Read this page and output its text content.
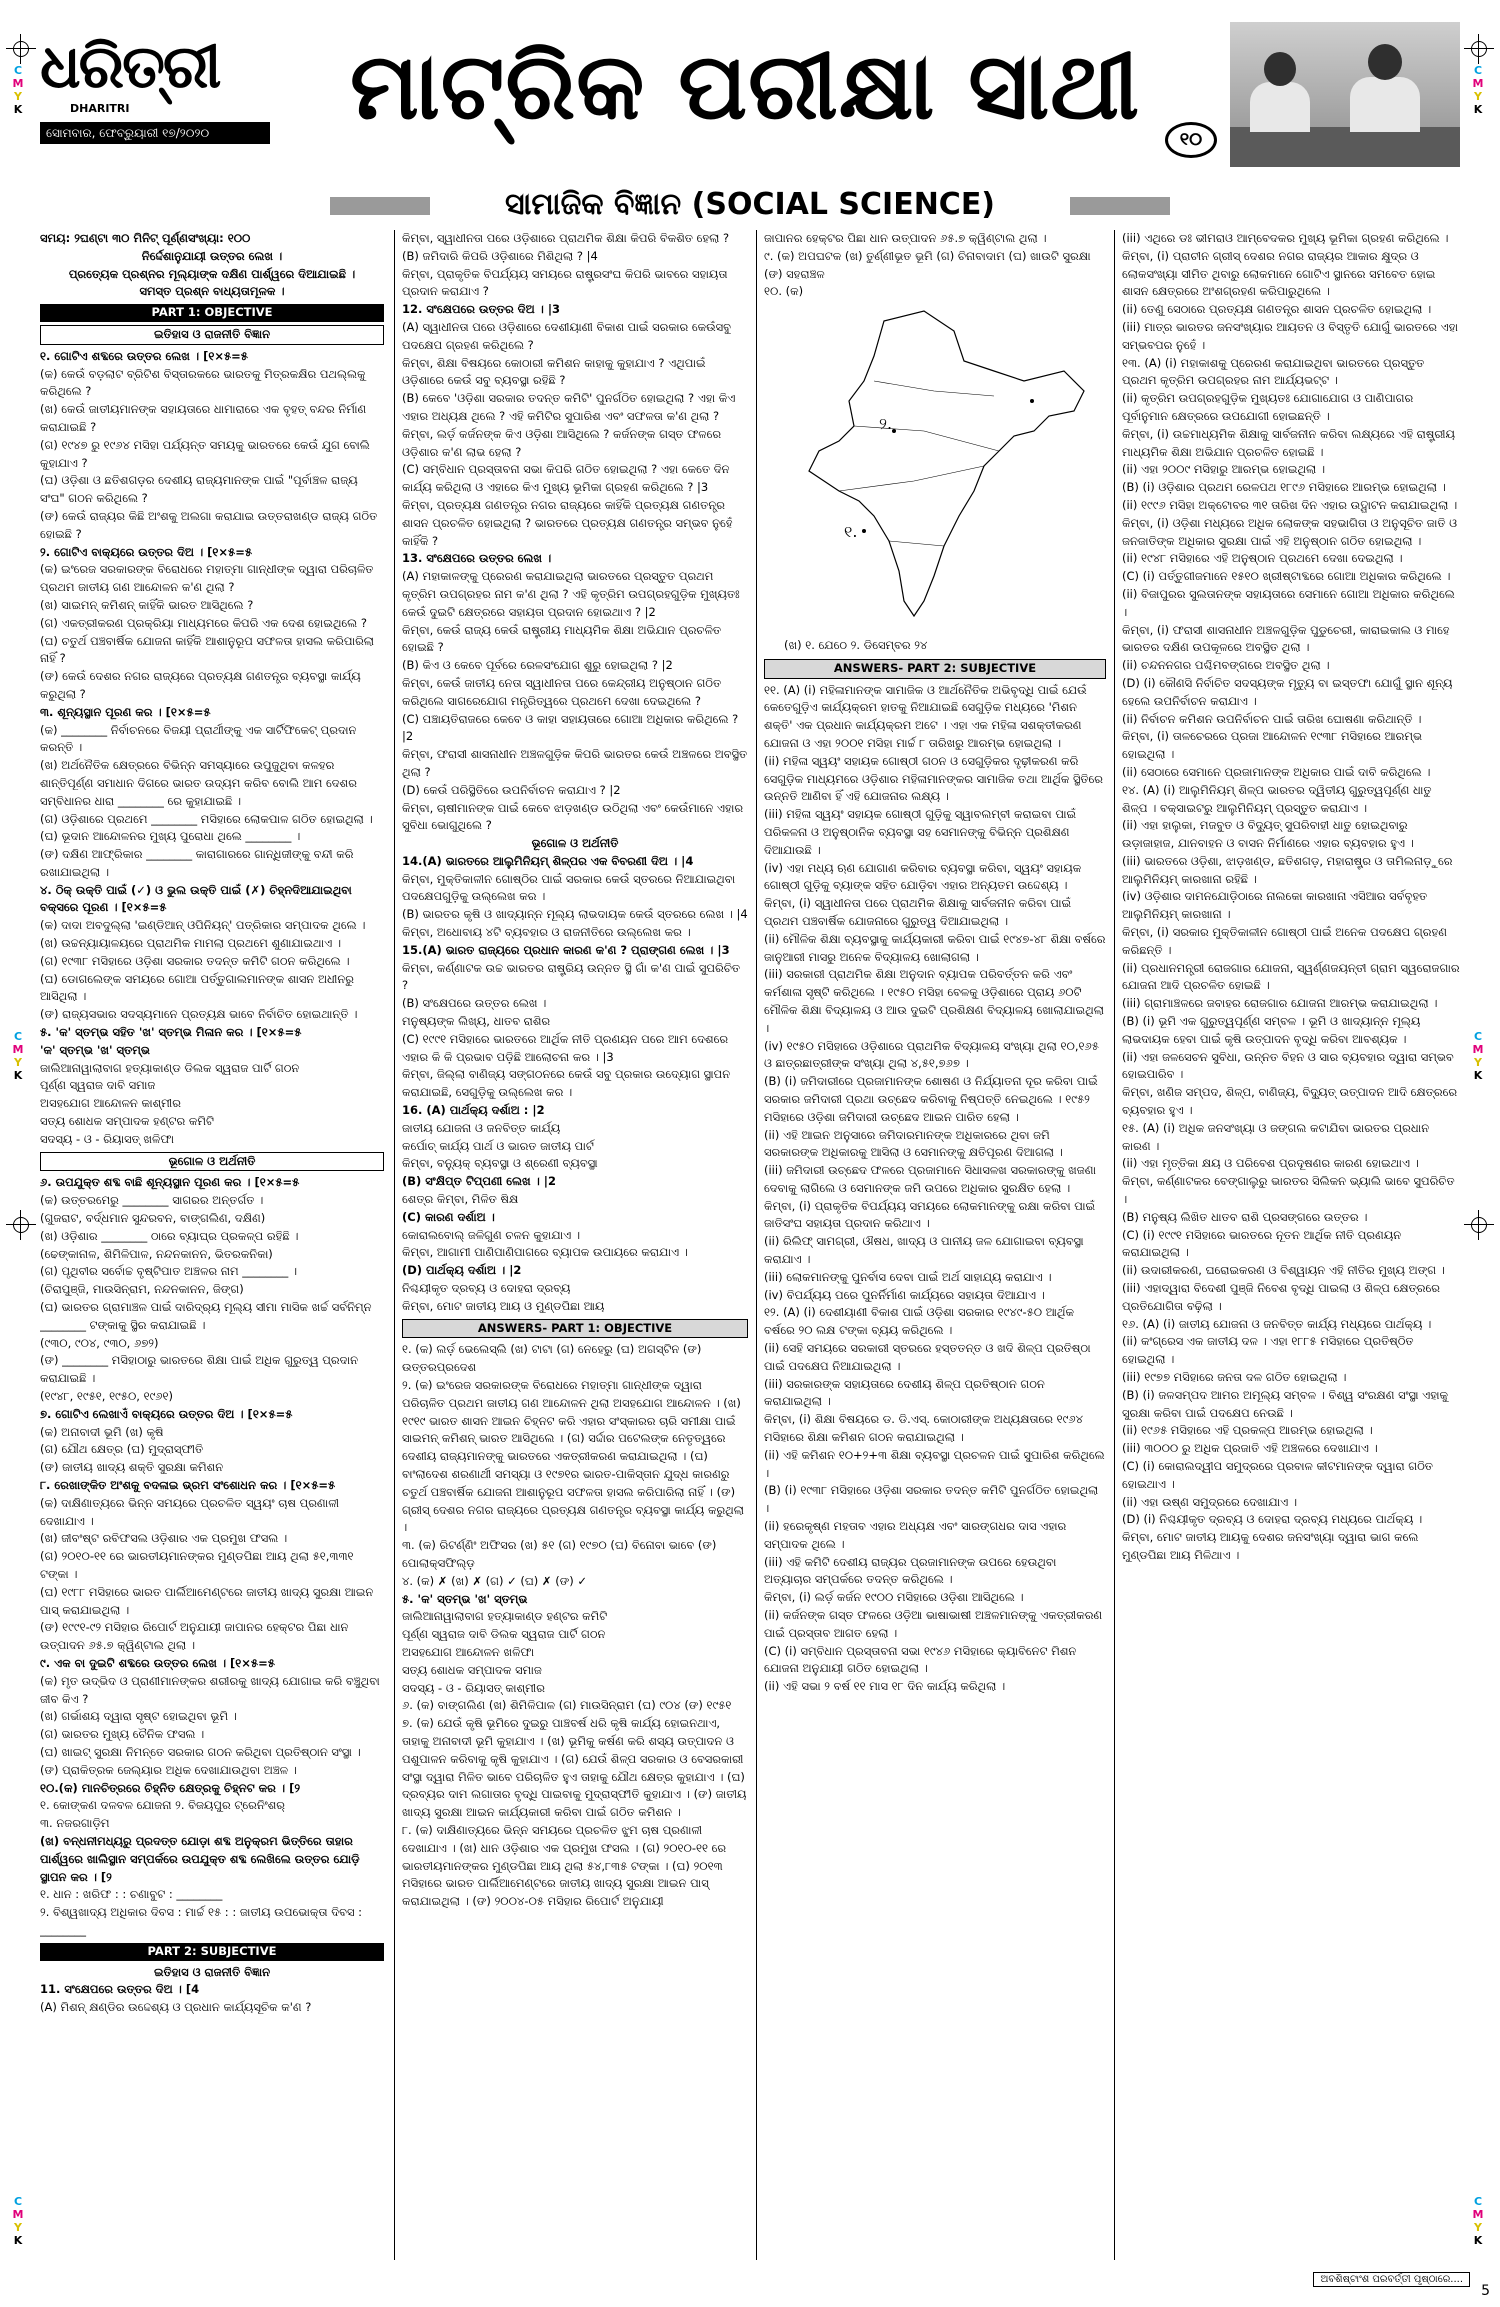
C
M
Y
K
C
M
Y
K
C
M
Y
K
C
M
Y
K
C
M
Y
K
C
M
Y
K
ଧରିତ୍ରୀ
DHARITRI
ସୋମବାର, ଫେବ୍ରୁୟାରୀ ୧୭/୨୦୨୦	ମାଟ୍ରିକ ପରୀକ୍ଷା ସାଥୀ	୧୦
ସାମାଜିକ ବିଜ୍ଞାନ (SOCIAL SCIENCE)

ସମୟ: ୨ଘଣ୍ଟା ୩୦ ମିନିଟ୍ ପୂର୍ଣ୍ଣସଂଖ୍ୟା: ୧୦୦

ନିର୍ଦ୍ଦେଶାନୁଯାୟୀ ଉତ୍ତର ଲେଖ ।

ପ୍ରତ୍ୟେକ ପ୍ରଶ୍ନର ମୂଲ୍ୟାଙ୍କ ଦକ୍ଷିଣ ପାର୍ଶ୍ୱରେ ଦିଆଯାଇଛି ।

ସମସ୍ତ ପ୍ରଶ୍ନ ବାଧ୍ୟତାମୂଳକ ।

PART 1: OBJECTIVE

ଇତିହାସ ଓ ରାଜନୀତି ବିଜ୍ଞାନ

୧. ଗୋଟିଏ ଶବ୍ଦରେ ଉତ୍ତର ଲେଖ । [୧×୫=୫

(କ) କେଉଁ ବଡ଼ଲାଟ ବ୍ରିଟିଶ ବିସ୍ତାରକରେ ଭାରତକୁ ମିତ୍ରକକ୍ଷିର ପଥଲ୍ଲକୁ କରିଥିଲେ ?

(ଖ) କେଉଁ ଜାତୀୟମାନଙ୍କ ସହାୟତାରେ ଧାମାରାରେ ଏକ ବୃହତ୍ ବନ୍ଦର ନିର୍ମାଣ କରାଯାଇଛି ?

(ଗ) ୧୯୪୭ ରୁ ୧୯୬୪ ମସିହା ପର୍ଯ୍ୟନ୍ତ ସମୟକୁ ଭାରତରେ କେଉଁ ଯୁଗ ବୋଲି କୁହାଯାଏ ?

(ଘ) ଓଡ଼ିଶା ଓ ଛତିଶଗଡ଼ର ଦେଶୀୟ ରାଜ୍ୟମାନଙ୍କ ପାଇଁ "ପୂର୍ବାଞ୍ଚଳ ରାଜ୍ୟ ସଂଘ" ଗଠନ କରିଥିଲେ ?

(ଙ) କେଉଁ ରାଜ୍ୟର କିଛି ଅଂଶକୁ ଅଲଗା କରାଯାଇ ଉତ୍ତରାଖଣ୍ଡ ରାଜ୍ୟ ଗଠିତ ହୋଇଛି ?

୨. ଗୋଟିଏ ବାକ୍ୟରେ ଉତ୍ତର ଦିଅ । [୧×୫=୫

(କ) ଇଂରେଜ ସରକାରଙ୍କ ବିରୋଧରେ ମହାତ୍ମା ଗାନ୍ଧୀଙ୍କ ଦ୍ୱାରା ପରିଚାଳିତ ପ୍ରଥମ ଜାତୀୟ ଗଣ ଆନ୍ଦୋଳନ କ'ଣ ଥିଲା ?

(ଖ) ସାଇମନ୍ କମିଶନ୍ କାହିଁକି ଭାରତ ଆସିଥିଲେ ?

(ଗ) ଏକତ୍ରୀକରଣ ପ୍ରକ୍ରିୟା ମାଧ୍ୟମରେ କିପରି ଏକ ଦେଶ ହୋଇଥିଲେ ?

(ଘ) ଚତୁର୍ଥ ପଞ୍ଚବାର୍ଷିକ ଯୋଜନା କାହିଁକି ଆଶାନୁରୂପ ସଫଳତା ହାସଲ କରିପାରିଲା ନାହିଁ ?

(ଙ) କେଉଁ ଦେଶର ନଗର ରାଜ୍ୟରେ ପ୍ରତ୍ୟକ୍ଷ ଗଣତନ୍ତ୍ର ବ୍ୟବସ୍ଥା କାର୍ଯ୍ୟ କରୁଥିଲା ?

୩. ଶୂନ୍ୟସ୍ଥାନ ପୂରଣ କର । [୧×୫=୫

(କ) ________ ନିର୍ବାଚନରେ ବିଜୟୀ ପ୍ରାର୍ଥୀଙ୍କୁ ଏକ ସାର୍ଟିଫିକେଟ୍ ପ୍ରଦାନ କରନ୍ତି ।

(ଖ) ଅର୍ଥନୈତିକ କ୍ଷେତ୍ରରେ ବିଭିନ୍ନ ସମସ୍ୟାରେ ଉପୁଜୁଥିବା କଳହର ଶାନ୍ତିପୂର୍ଣ୍ଣ ସମାଧାନ ଦିଗରେ ଭାରତ ଉଦ୍ୟମ କରିବ ବୋଲି ଆମ ଦେଶର ସମ୍ବିଧାନର ଧାରା ________ ରେ କୁହାଯାଇଛି ।

(ଗ) ଓଡ଼ିଶାରେ ପ୍ରଥମେ ________ ମସିହାରେ ଲୋକପାଳ ଗଠିତ ହୋଇଥିଲା ।

(ଘ) ଭୂଦାନ ଆନ୍ଦୋଳନର ମୁଖ୍ୟ ପୁରୋଧା ଥିଲେ ________ ।

(ଙ) ଦକ୍ଷିଣ ଆଫ୍ରିକାର ________ କାରାଗାରରେ ଗାନ୍ଧିଜୀଙ୍କୁ ବନ୍ଦୀ କରି ରଖାଯାଇଥିଲା ।

୪. ଠିକ୍ ଉକ୍ତି ପାଇଁ (✓) ଓ ଭୁଲ ଉକ୍ତି ପାଇଁ (✗) ଚିହ୍ନଦିଆଯାଇଥିବା ବକ୍ସରେ ପୂରଣ । [୧×୫=୫

(କ) ଦାଦା ଅବଦୁଲ୍ଲା 'ଇଣ୍ଡିଆନ୍ ଓପିନିୟନ୍' ପତ୍ରିକାର ସମ୍ପାଦକ ଥିଲେ ।

(ଖ) ଉଚ୍ଚନ୍ୟାୟାଳୟରେ ପ୍ରାଥମିକ ମାମଲା ପ୍ରଥମେ ଶୁଣାଯାଇଥାଏ ।

(ଗ) ୧୯୩୮ ମସିହାରେ ଓଡ଼ିଶା ସରକାର ତଦନ୍ତ କମିଟି ଗଠନ କରିଥିଲେ ।

(ଘ) ଡୋଗଲେଙ୍କ ସମୟରେ ଗୋଆ ପର୍ତ୍ତୁଗାଲମାନଙ୍କ ଶାସନ ଅଧୀନରୁ ଆସିଥିଲା ।

(ଙ) ରାଜ୍ୟସଭାର ସଦସ୍ୟମାନେ ପ୍ରତ୍ୟକ୍ଷ ଭାବେ ନିର୍ବାଚିତ ହୋଇଥାନ୍ତି ।

୫. 'କ' ସ୍ତମ୍ଭ ସହିତ 'ଖ' ସ୍ତମ୍ଭ ମିଳାନ କର । [୧×୫=୫

'କ' ସ୍ତମ୍ଭ 'ଖ' ସ୍ତମ୍ଭ

ଜାଲିଆନାୱାଲାବାଗ ହତ୍ୟାକାଣ୍ଡ ଡିଲକ ସ୍ୱରାଜ ପାର୍ଟି ଗଠନ

ପୂର୍ଣ୍ଣ ସ୍ୱରାଜ ଦାବି ସମାଜ

ଅସହଯୋଗ ଆନ୍ଦୋଳନ କାଶ୍ମୀର

ସତ୍ୟ ଶୋଧକ ସମ୍ପାଦକ ହଣ୍ଟର କମିଟି

ସଦସ୍ୟ - ଓ - ରିୟାସତ୍ ଖଳିଫା

ଭୂଗୋଳ ଓ ଅର୍ଥନୀତି

୬. ଉପଯୁକ୍ତ ଶବ୍ଦ ବାଛି ଶୂନ୍ୟସ୍ଥାନ ପୂରଣ କର । [୧×୫=୫

(କ) ଉତ୍ତରମେରୁ ________ ସାଗରର ଅନ୍ତର୍ଗତ ।

(ଗୁଜରାଟ, ବର୍ଦ୍ଧମାନ ସୁନ୍ଦରବନ, ବାଙ୍ଗଲିଣ, ଦକ୍ଷିଣ)

(ଖ) ଓଡ଼ିଶାର ________ ଠାରେ ବ୍ୟାଘ୍ର ପ୍ରକଳ୍ପ ରହିଛି ।

(ଢେଙ୍କାନାଳ, ଶିମିଳିପାଳ, ନନ୍ଦନକାନନ, ଭିତରକନିକା)

(ଗ) ପୃଥିବୀର ସର୍ବୋଚ୍ଚ ବୃଷ୍ଟିପାତ ଅଞ୍ଚଳର ନାମ ________ ।

(ଚିରାପୁଞ୍ଜି, ମାଉସିନ୍ରାମ, ନନ୍ଦନକାନନ, ଜିଙ୍ଗ)

(ଘ) ଭାରତର ଗ୍ରାମାଞ୍ଚଳ ପାଇଁ ଦାରିଦ୍ର୍ୟ ମୂଲ୍ୟ ସୀମା ମାସିକ ଖର୍ଚ୍ଚ ସର୍ବନିମ୍ନ ________ ଟଙ୍କାକୁ ସ୍ଥିର କରାଯାଇଛି ।

(୯୩୦, ୯୦୪, ୯୩୦, ୬୭୨)

(ଙ) ________ ମସିହାଠାରୁ ଭାରତରେ ଶିକ୍ଷା ପାଇଁ ଅଧିକ ଗୁରୁତ୍ୱ ପ୍ରଦାନ କରାଯାଇଛି ।

(୧୯୪୮, ୧୯୫୧, ୧୯୫୦, ୧୯୬୧)

୭. ଗୋଟିଏ ଲେଖାଏଁ ବାକ୍ୟରେ ଉତ୍ତର ଦିଅ । [୧×୫=୫

(କ) ଅନାବାଦୀ ଭୂମି (ଖ) କୃଷି

(ଗ) ଯୌଥ କ୍ଷେତ୍ର (ଘ) ମୁଦ୍ରାସ୍ଫୀତି

(ଙ) ଜାତୀୟ ଖାଦ୍ୟ ଶକ୍ତି ସୁରକ୍ଷା କମିଶନ

୮. ରେଖାଙ୍କିତ ଅଂଶକୁ ବଦଳାଇ ଭ୍ରମ ସଂଶୋଧନ କର । [୧×୫=୫

(କ) ଦାକ୍ଷିଣାତ୍ୟରେ ଭିନ୍ନ ସମୟରେ ପ୍ରଚଳିତ ସ୍ୱୟଂ ଚାଷ ପ୍ରଣାଳୀ ଦେଖାଯାଏ ।

(ଖ) ଜୀବଂଷ୍ଟ ରବିଫସଲ ଓଡ଼ିଶାର ଏକ ପ୍ରମୁଖ ଫସଲ ।

(ଗ) ୨୦୧୦-୧୧ ରେ ଭାରତୀୟମାନଙ୍କର ମୁଣ୍ଡପିଛା ଆୟ ଥିଲା ୫୧,୩୩୧ ଟଙ୍କା ।

(ଘ) ୧୯୮୮ ମସିହାରେ ଭାରତ ପାର୍ଲିଆମେଣ୍ଟରେ ଜାତୀୟ ଖାଦ୍ୟ ସୁରକ୍ଷା ଆଇନ ପାସ୍ କରାଯାଇଥିଲା ।

(ଙ) ୧୯୯୧-୯୨ ମସିହାର ରିପୋର୍ଟ ଅନୁଯାୟୀ ଜାପାନର ହେକ୍ଟର ପିଛା ଧାନ ଉତ୍ପାଦନ ୬୫.୭ କ୍ୱିଣ୍ଟାଲ ଥିଲା ।

୯. ଏକ ବା ଦୁଇଟି ଶବ୍ଦରେ ଉତ୍ତର ଲେଖ । [୧×୫=୫

(କ) ମୃତ ଉଦ୍ଭିଦ ଓ ପ୍ରାଣୀମାନଙ୍କର ଶରୀରକୁ ଖାଦ୍ୟ ଯୋଗାଇ କରି ବଞ୍ଚୁଥିବା ଜୀବ କିଏ ?

(ଖ) ଗର୍ଭାଶୟ ଦ୍ୱାରା ସୃଷ୍ଟ ହୋଇଥିବା ଭୂମି ।

(ଗ) ଭାରତର ମୁଖ୍ୟ ଚୈନିକ ଫସଲ ।

(ଘ) ଖାଇଟ୍ ସୁରକ୍ଷା ନିମନ୍ତେ ସରକାର ଗଠନ କରିଥିବା ପ୍ରତିଷ୍ଠାନ ସଂସ୍ଥା ।

(ଙ) ପ୍ରାକିତ୍ରକ ଜେଲ୍ୟାର ଅଧିକ ଦେଖାଯାଉଥିବା ଅଞ୍ଚଳ ।

୧୦.(କ) ମାନଚିତ୍ରରେ ଚିହ୍ନିତ କ୍ଷେତ୍ରକୁ ଚିହ୍ନଟ କର । [୨

୧. କୋଙ୍କଣ ଦଳବଳ ଯୋଜନା ୨. ବିଜୟପୁର ଟ୍ରେନିଂଶର୍

୩. ନଜରଗାଡ଼ିମ

(ଖ) ବନ୍ଧନୀମଧ୍ୟରୁ ପ୍ରଦତ୍ତ ଯୋଡ଼ା ଶବ୍ଦ ଅନୁକ୍ରମ ଭିତ୍ତିରେ ତାହାର ପାର୍ଶ୍ୱରେ ଖାଲିସ୍ଥାନ ସମ୍ପର୍କରେ ଉପଯୁକ୍ତ ଶବ୍ଦ ଲେଖିଲେ ଉତ୍ତର ଯୋଡ଼ି ସ୍ଥାପନ କର । [୨

୧. ଧାନ : ଖରିଫ : : ଚଣାବୁଟ : ________

୨. ବିଶ୍ୱଖାଦ୍ୟ ଅଧିକାର ଦିବସ : ମାର୍ଚ୍ଚ ୧୫ : : ଜାତୀୟ ଉପଭୋକ୍ତା ଦିବସ : ________

PART 2: SUBJECTIVE

ଇତିହାସ ଓ ରାଜନୀତି ବିଜ୍ଞାନ

11. ସଂକ୍ଷେପରେ ଉତ୍ତର ଦିଅ । [4

(A) ମିଶନ୍ କ୍ଷଣ୍ଡିର ଉଦ୍ଦେଶ୍ୟ ଓ ପ୍ରଧାନ କାର୍ଯ୍ୟସୂଚିକ କ'ଣ ?

କିମ୍ବା, ସ୍ୱାଧୀନତା ପରେ ଓଡ଼ିଶାରେ ପ୍ରାଥମିକ ଶିକ୍ଷା କିପରି ବିକଶିତ ହେଲା ?

(B) ଜମିଦାରି କିପରି ଓଡ଼ିଶାରେ ମିଶିଥିଲା ? |4

କିମ୍ବା, ପ୍ରାକୃତିକ ବିପର୍ଯ୍ୟୟ ସମୟରେ ରାଷ୍ଟ୍ରସଂଘ କିପରି ଭାବରେ ସହାୟତା ପ୍ରଦାନ କରାଯାଏ ?

12. ସଂକ୍ଷେପରେ ଉତ୍ତର ଦିଅ । |3

(A) ସ୍ୱାଧୀନତା ପରେ ଓଡ଼ିଶାରେ ଦେଶୀୟାଣୀ ବିକାଶ ପାଇଁ ସରକାର କେଉଁସବୁ ପଦକ୍ଷେପ ଗ୍ରହଣ କରିଥିଲେ ?

କିମ୍ବା, ଶିକ୍ଷା ବିଷୟରେ କୋଠାରୀ କମିଶନ କାହାକୁ କୁହାଯାଏ ? ଏଥିପାଇଁ ଓଡ଼ିଶାରେ କେଉଁ ସବୁ ବ୍ୟବସ୍ଥା ରହିଛି ?

(B) କେବେ 'ଓଡ଼ିଶା ସରକାର ତଦନ୍ତ କମିଟି' ପୁନର୍ଗଠିତ ହୋଇଥିଲା ? ଏହା କିଏ ଏହାର ଅଧ୍ୟକ୍ଷ ଥିଲେ ? ଏହି କମିଟିର ସୁପାରିଶ ଏବଂ ସଫଳତା କ'ଣ ଥିଲା ?

କିମ୍ବା, ଲର୍ଡ଼ କର୍ଜନଙ୍କ କିଏ ଓଡ଼ିଶା ଆସିଥିଲେ ? କର୍ଜନଙ୍କ ଗସ୍ତ ଫଳରେ ଓଡ଼ିଶାର କ'ଣ ଲାଭ ହେଲା ?

(C) ସମ୍ବିଧାନ ପ୍ରସ୍ତାବନା ସଭା କିପରି ଗଠିତ ହୋଇଥିଲା ? ଏହା କେତେ ଦିନ କାର୍ଯ୍ୟ କରିଥିଲା ଓ ଏହାରେ କିଏ ମୁଖ୍ୟ ଭୂମିକା ଗ୍ରହଣ କରିଥିଲେ ? |3

କିମ୍ବା, ପ୍ରତ୍ୟକ୍ଷ ଗଣତନ୍ତ୍ର ନଗର ରାଜ୍ୟରେ କାହିଁକି ପ୍ରତ୍ୟକ୍ଷ ଗଣତନ୍ତ୍ର ଶାସନ ପ୍ରଚଳିତ ହୋଇଥିଲା ? ଭାରତରେ ପ୍ରତ୍ୟକ୍ଷ ଗଣତନ୍ତ୍ର ସମ୍ଭବ ନୁହେଁ କାହିଁକି ?

13. ସଂକ୍ଷେପରେ ଉତ୍ତର ଲେଖ ।

(A) ମହାକାଳଙ୍କୁ ପ୍ରେରଣ କରାଯାଇଥିଲା ଭାରତରେ ପ୍ରସ୍ତୁତ ପ୍ରଥମ କୃତ୍ରିମ ଉପଗ୍ରହର ନାମ କ'ଣ ଥିଲା ? ଏହି କୃତ୍ରିମ ଉପଗ୍ରହଗୁଡ଼ିକ ମୁଖ୍ୟତଃ କେଉଁ ଦୁଇଟି କ୍ଷେତ୍ରରେ ସହାୟତା ପ୍ରଦାନ ହୋଇଥାଏ ? |2

କିମ୍ବା, କେଉଁ ରାଜ୍ୟ କେଉଁ ରାଷ୍ଟ୍ରୀୟ ମାଧ୍ୟମିକ ଶିକ୍ଷା ଅଭିଯାନ ପ୍ରଚଳିତ ହୋଇଛି ?

(B) କିଏ ଓ କେବେ ପୂର୍ବରେ ରେଳସଂଯୋଗ ଶୁରୁ ହୋଇଥିଲା ? |2

କିମ୍ବା, କେଉଁ ଜାତୀୟ ନେତା ସ୍ୱାଧୀନତା ପରେ କେନ୍ଦ୍ରୀୟ ଅନୁଷ୍ଠାନ ଗଠିତ କରିଥିଲେ ସାଗରେଯୋଗ ମନ୍ତ୍ରିତ୍ୱରେ ପ୍ରଥମେ ଦେଖା ଦେଇଥିଲେ ?

(C) ପଞ୍ଚାୟତିରାଜରେ କେବେ ଓ କାହା ସହାୟତାରେ ଗୋଆ ଅଧିକାର କରିଥିଲେ ? |2

କିମ୍ବା, ଫରାସୀ ଶାସନାଧୀନ ଅଞ୍ଚଳଗୁଡ଼ିକ କିପରି ଭାରତର କେଉଁ ଅଞ୍ଚଳରେ ଅବସ୍ଥିତ ଥିଲା ?

(D) କେଉଁ ପରିସ୍ଥିତିରେ ଉପନିର୍ବାଚନ କରାଯାଏ ? |2

କିମ୍ବା, ଚାଷୀମାନଙ୍କ ପାଇଁ କେବେ ଝାଡ଼ଖଣ୍ଡ ଉଠିଥିଲା ଏବଂ କେଉଁମାନେ ଏହାର ସୁବିଧା ଭୋଗୁଥିଲେ ?

ଭୂଗୋଳ ଓ ଅର୍ଥନୀତି

14.(A) ଭାରତରେ ଆଲୁମିନିୟମ୍ ଶିଳ୍ପର ଏକ ବିବରଣୀ ଦିଅ । |4

କିମ୍ବା, ମୁକ୍ତିକାଳୀନ ଗୋଷ୍ଠିର ପାଇଁ ସରକାର କେଉଁ ସ୍ତରରେ ନିଆଯାଇଥିବା ପଦକ୍ଷେପଗୁଡ଼ିକୁ ଉଲ୍ଲେଖ କର ।

(B) ଭାରତର କୃଷି ଓ ଖାଦ୍ୟାନ୍ନ ମୂଲ୍ୟ ଲାଭଦାୟକ କେଉଁ ସ୍ତରରେ ଲେଖ । |4

କିମ୍ବା, ଅଧୋବାୟ ୪ଟି ବ୍ୟବହାର ଓ ରାଜନୀତିରେ ଉଲ୍ଲେଖ କର ।

15.(A) ଭାରତ ରାଜ୍ୟରେ ପ୍ରଧାନ କାରଣ କ'ଣ ? ପ୍ରାଙ୍ଗଣ ଲେଖ । |3

କିମ୍ବା, କର୍ଣ୍ଣାଟକ ଉଚ୍ଚ ଭାରତର ରାଷ୍ଟ୍ରିୟ ଉନ୍ନତ ସ୍ଥି ଗାଁ କ'ଣ ପାଇଁ ସୁପରିଚିତ ?

(B) ସଂକ୍ଷେପରେ ଉତ୍ତର ଲେଖ ।

ମନୁଷ୍ୟଙ୍କ ଲିଖ୍ୟ, ଧାତବ ରାଶିର

(C) ୧୯୯୧ ମସିହାରେ ଭାରତରେ ଆର୍ଥିକ ନୀତି ପ୍ରଣୟନ ପରେ ଆମ ଦେଶରେ ଏହାର କି କି ପ୍ରଭାବ ପଡ଼ିଛି ଆଲୋଚନା କର । |3

କିମ୍ବା, ଜିଲ୍ଲା ବାଣିଜ୍ୟ ସଙ୍ଗଠନରେ କେଉଁ ସବୁ ପ୍ରକାର ଉଦ୍ୟୋଗ ସ୍ଥାପନ କରାଯାଇଛି, ସେଗୁଡ଼ିକୁ ଉଲ୍ଲେଖ କର ।

16. (A) ପାର୍ଥକ୍ୟ ଦର୍ଶାଅ : |2

ଜାତୀୟ ଯୋଜନା ଓ ଜନବିତ୍ତ କାର୍ଯ୍ୟ

କର୍ପୋଚ୍ କାର୍ଯ୍ୟ ପାର୍ଥ ଓ ଭାରତ ଜାତୀୟ ପାର୍ଟ

କିମ୍ବା, ବନ୍ୟୁକ୍ ବ୍ୟବସ୍ଥା ଓ ଶ୍ରେଣୀ ବ୍ୟବସ୍ଥା

(B) ସଂକ୍ଷିପ୍ତ ଟିପ୍ପଣୀ ଲେଖ । |2

ଶେତ୍ର କିମ୍ବା, ମିଳିତ ଷିକ୍ଷ

(C) କାରଣ ଦର୍ଶାଅ ।

କୋରାଲବୋଲ୍ ଜଳିଗୁଣ ଚଳନ କୁହାଯାଏ ।

କିମ୍ବା, ଆଗାମୀ ପାଣିପାଣିପାଗରେ ବ୍ୟାପକ ଉପାୟରେ କରାଯାଏ ।

(D) ପାର୍ଥକ୍ୟ ଦର୍ଶାଅ । |2

ନିଶ୍ଚୟୀକୃତ ଦ୍ରବ୍ୟ ଓ ଦୋହରା ଦ୍ରବ୍ୟ

କିମ୍ବା, ମୋଟ ଜାତୀୟ ଆୟ ଓ ମୁଣ୍ଡପିଛା ଆୟ

ANSWERS- PART 1: OBJECTIVE

୧. (କ) ଲର୍ଡ଼ ଭେଲେସ୍ଲି (ଖ) ଟାଟା (ଗ) ନେହେରୁ (ଘ) ଅଗସ୍ଟିନ (ଙ) ଉତ୍ତରପ୍ରଦେଶ

୨. (କ) ଇଂରେଜ ସରକାରଙ୍କ ବିରୋଧରେ ମହାତ୍ମା ଗାନ୍ଧୀଙ୍କ ଦ୍ୱାରା ପରିଚାଳିତ ପ୍ରଥମ ଜାତୀୟ ଗଣ ଆନ୍ଦୋଳନ ଥିଲା ଅସହଯୋଗ ଆନ୍ଦୋଳନ । (ଖ) ୧୯୧୯ ଭାରତ ଶାସନ ଆଇନ ଚିହ୍ନଟ କରି ଏହାର ସଂସ୍କାରର ଚାରି ସମୀକ୍ଷା ପାଇଁ ସାଇମନ୍ କମିଶନ୍ ଭାରତ ଆସିଥିଲେ । (ଗ) ସର୍ଦ୍ଦାର ପଟେଲଙ୍କ ନେତୃତ୍ୱରେ ଦେଶୀୟ ରାଜ୍ୟମାନଙ୍କୁ ଭାରତରେ ଏକତ୍ରୀକରଣ କରାଯାଇଥିଲା । (ଘ) ବାଂଲାଦେଶ ଶରଣାର୍ଥୀ ସମସ୍ୟା ଓ ୧୯୭୧ର ଭାରତ-ପାକିସ୍ତାନ ଯୁଦ୍ଧ କାରଣରୁ ଚତୁର୍ଥ ପଞ୍ଚବାର୍ଷିକ ଯୋଜନା ଆଶାନୁରୂପ ସଫଳତା ହାସଲ କରିପାରିଲା ନାହିଁ । (ଙ) ଗ୍ରୀସ୍ ଦେଶର ନଗର ରାଜ୍ୟରେ ପ୍ରତ୍ୟକ୍ଷ ଗଣତନ୍ତ୍ର ବ୍ୟବସ୍ଥା କାର୍ଯ୍ୟ କରୁଥିଲା ।

୩. (କ) ରିଟର୍ଣ୍ଣିଂ ଅଫିସର (ଖ) ୫୧ (ଗ) ୧୯୭୦ (ଘ) ବିନୋବା ଭାବେ (ଙ) ପୋଲାକ୍ସଫିଲ୍ଡ଼

୪. (କ) ✗ (ଖ) ✗ (ଗ) ✓ (ଘ) ✗ (ଙ) ✓

୫. 'କ' ସ୍ତମ୍ଭ 'ଖ' ସ୍ତମ୍ଭ

ଜାଲିଆନାୱାଲାବାଗ ହତ୍ୟାକାଣ୍ଡ ହଣ୍ଟର କମିଟି

ପୂର୍ଣ୍ଣ ସ୍ୱରାଜ ଦାବି ଡିଲକ ସ୍ୱରାଜ ପାର୍ଟି ଗଠନ

ଅସହଯୋଗ ଆନ୍ଦୋଳନ ଖଳିଫା

ସତ୍ୟ ଶୋଧକ ସମ୍ପାଦକ ସମାଜ

ସଦସ୍ୟ - ଓ - ରିୟାସତ୍ କାଶ୍ମୀର

୬. (କ) ବାଙ୍ଗଲିଣ (ଖ) ଶିମିଳିପାଳ (ଗ) ମାଉସିନ୍ରାମ (ଘ) ୯୦୪ (ଙ) ୧୯୫୧

୭. (କ) ଯେଉଁ କୃଷି ଭୂମିରେ ଦୁଇରୁ ପାଞ୍ଚବର୍ଷ ଧରି କୃଷି କାର୍ଯ୍ୟ ହୋଇନଥାଏ, ତାହାକୁ ଅନାବାଦୀ ଭୂମି କୁହାଯାଏ । (ଖ) ଭୂମିକୁ କର୍ଷଣ କରି ଶସ୍ୟ ଉତ୍ପାଦନ ଓ ପଶୁପାଳନ କରିବାକୁ କୃଷି କୁହାଯାଏ । (ଗ) ଯେଉଁ ଶିଳ୍ପ ସରକାର ଓ ବେସରକାରୀ ସଂସ୍ଥା ଦ୍ୱାରା ମିଳିତ ଭାବେ ପରିଚାଳିତ ହୁଏ ତାହାକୁ ଯୌଥ କ୍ଷେତ୍ର କୁହାଯାଏ । (ଘ) ଦ୍ରବ୍ୟର ଦାମ ଲଗାତାର ବୃଦ୍ଧି ପାଇବାକୁ ମୁଦ୍ରାସ୍ଫୀତି କୁହାଯାଏ । (ଙ) ଜାତୀୟ ଖାଦ୍ୟ ସୁରକ୍ଷା ଆଇନ କାର୍ଯ୍ୟକାରୀ କରିବା ପାଇଁ ଗଠିତ କମିଶନ ।

୮. (କ) ଦାକ୍ଷିଣାତ୍ୟରେ ଭିନ୍ନ ସମୟରେ ପ୍ରଚଳିତ ଝୁମ ଚାଷ ପ୍ରଣାଳୀ ଦେଖାଯାଏ । (ଖ) ଧାନ ଓଡ଼ିଶାର ଏକ ପ୍ରମୁଖ ଫସଲ । (ଗ) ୨୦୧୦-୧୧ ରେ ଭାରତୀୟମାନଙ୍କର ମୁଣ୍ଡପିଛା ଆୟ ଥିଲା ୫୪,୮୩୫ ଟଙ୍କା । (ଘ) ୨୦୧୩ ମସିହାରେ ଭାରତ ପାର୍ଲିଆମେଣ୍ଟରେ ଜାତୀୟ ଖାଦ୍ୟ ସୁରକ୍ଷା ଆଇନ ପାସ୍ କରାଯାଇଥିଲା । (ଙ) ୨୦୦୪-୦୫ ମସିହାର ରିପୋର୍ଟ ଅନୁଯାୟୀ

ଜାପାନର ହେକ୍ଟର ପିଛା ଧାନ ଉତ୍ପାଦନ ୬୫.୭ କ୍ୱିଣ୍ଟାଲ ଥିଲା ।

୯. (କ) ଅପଘଟକ (ଖ) ତୁର୍ଣ୍ଣୀଭୂତ ଭୂମି (ଗ) ଚିନାବାଦାମ (ଘ) ଖାଉଟି ସୁରକ୍ଷା (ଙ) ସହରାଞ୍ଚଳ

୧୦. (କ)

୨.
୧.

(ଖ) ୧. ଯେଠେ ୨. ଡିସେମ୍ବର ୨୪

ANSWERS- PART 2: SUBJECTIVE

୧୧. (A) (i) ମହିଳାମାନଙ୍କ ସାମାଜିକ ଓ ଆର୍ଥନୈତିକ ଅଭିବୃଦ୍ଧି ପାଇଁ ଯେଉଁ କେତେଗୁଡ଼ିଏ କାର୍ଯ୍ୟକ୍ରମ ହାତକୁ ନିଆଯାଇଛି ସେଗୁଡ଼ିକ ମଧ୍ୟରେ 'ମିଶନ ଶକ୍ତି' ଏକ ପ୍ରଧାନ କାର୍ଯ୍ୟକ୍ରମ ଅଟେ । ଏହା ଏକ ମହିଳା ସଶକ୍ତୀକରଣ ଯୋଜନା ଓ ଏହା ୨୦୦୧ ମସିହା ମାର୍ଚ୍ଚ ୮ ତାରିଖରୁ ଆରମ୍ଭ ହୋଇଥିଲା ।

(ii) ମହିଳା ସ୍ୱୟଂ ସହାୟକ ଗୋଷ୍ଠୀ ଗଠନ ଓ ସେଗୁଡ଼ିକର ଦୃଢ଼ୀକରଣ କରି ସେଗୁଡ଼ିକ ମାଧ୍ୟମରେ ଓଡ଼ିଶାର ମହିଳାମାନଙ୍କର ସାମାଜିକ ତଥା ଆର୍ଥିକ ସ୍ଥିତିରେ ଉନ୍ନତି ଆଣିବା ହିଁ ଏହି ଯୋଜନାର ଲକ୍ଷ୍ୟ ।

(iii) ମହିଳା ସ୍ୱୟଂ ସହାୟକ ଗୋଷ୍ଠୀ ଗୁଡ଼ିକୁ ସ୍ୱାବଲମ୍ବୀ କରାଇବା ପାଇଁ ପରିକଳନା ଓ ଅନୁଷ୍ଠାନିକ ବ୍ୟବସ୍ଥା ସହ ସେମାନଙ୍କୁ ବିଭିନ୍ନ ପ୍ରଶିକ୍ଷଣ ଦିଆଯାଉଛି ।

(iv) ଏହା ମଧ୍ୟ ଋଣ ଯୋଗାଣ କରିବାର ବ୍ୟବସ୍ଥା କରିବା, ସ୍ୱୟଂ ସହାୟକ ଗୋଷ୍ଠୀ ଗୁଡ଼ିକୁ ବ୍ୟାଙ୍କ ସହିତ ଯୋଡ଼ିବା ଏହାର ଅନ୍ୟତମ ଉଦ୍ଦେଶ୍ୟ ।

କିମ୍ବା, (i) ସ୍ୱାଧୀନତା ପରେ ପ୍ରାଥମିକ ଶିକ୍ଷାକୁ ସାର୍ବଜନୀନ କରିବା ପାଇଁ ପ୍ରଥମ ପଞ୍ଚବାର୍ଷିକ ଯୋଜନାରେ ଗୁରୁତ୍ୱ ଦିଆଯାଇଥିଲା ।

(ii) ମୌଳିକ ଶିକ୍ଷା ବ୍ୟବସ୍ଥାକୁ କାର୍ଯ୍ୟକାରୀ କରିବା ପାଇଁ ୧୯୪୭-୪୮ ଶିକ୍ଷା ବର୍ଷରେ ଜାନୁଆରୀ ମାସରୁ ଅନେକ ବିଦ୍ୟାଳୟ ଖୋଲାଗଲା ।

(iii) ସରକାରୀ ପ୍ରାଥମିକ ଶିକ୍ଷା ଅନୁଦାନ ବ୍ୟାପକ ପରିବର୍ତ୍ତନ କରି ଏବଂ କର୍ମଶାଳା ସୃଷ୍ଟି କରିଥିଲେ । ୧୯୫୦ ମସିହା ବେଳକୁ ଓଡ଼ିଶାରେ ପ୍ରାୟ ୬୦ଟି ମୌଳିକ ଶିକ୍ଷା ବିଦ୍ୟାଳୟ ଓ ଆଉ ଦୁଇଟି ପ୍ରଶିକ୍ଷଣ ବିଦ୍ୟାଳୟ ଖୋଲାଯାଇଥିଲା ।

(iv) ୧୯୫୦ ମସିହାରେ ଓଡ଼ିଶାରେ ପ୍ରାଥମିକ ବିଦ୍ୟାଳୟ ସଂଖ୍ୟା ଥିଲା ୧୦,୧୬୫ ଓ ଛାତ୍ରଛାତ୍ରୀଙ୍କ ସଂଖ୍ୟା ଥିଲା ୪,୫୧,୭୬୭ ।

(B) (i) ଜମିଦାରୀରେ ପ୍ରଜାମାନଙ୍କ ଶୋଷଣ ଓ ନିର୍ଯ୍ୟାତନା ଦୂର କରିବା ପାଇଁ ସରକାର ଜମିଦାରୀ ପ୍ରଥା ଉଚ୍ଛେଦ କରିବାକୁ ନିଷ୍ପତ୍ତି ନେଇଥିଲେ । ୧୯୫୨ ମସିହାରେ ଓଡ଼ିଶା ଜମିଦାରୀ ଉଚ୍ଛେଦ ଆଇନ ପାରିତ ହେଲା ।

(ii) ଏହି ଆଇନ ଅନୁସାରେ ଜମିଦାରମାନଙ୍କ ଅଧିକାରରେ ଥିବା ଜମି ସରକାରଙ୍କ ଅଧିକାରକୁ ଆସିଲା ଓ ସେମାନଙ୍କୁ କ୍ଷତିପୂରଣ ଦିଆଗଲା ।

(iii) ଜମିଦାରୀ ଉଚ୍ଛେଦ ଫଳରେ ପ୍ରଜାମାନେ ସିଧାସଳଖ ସରକାରଙ୍କୁ ଖଜଣା ଦେବାକୁ ଲାଗିଲେ ଓ ସେମାନଙ୍କ ଜମି ଉପରେ ଅଧିକାର ସୁରକ୍ଷିତ ହେଲା ।

କିମ୍ବା, (i) ପ୍ରାକୃତିକ ବିପର୍ଯ୍ୟୟ ସମୟରେ ଲୋକମାନଙ୍କୁ ରକ୍ଷା କରିବା ପାଇଁ ଜାତିସଂଘ ସହାୟତା ପ୍ରଦାନ କରିଥାଏ ।

(ii) ରିଲିଫ୍ ସାମଗ୍ରୀ, ଔଷଧ, ଖାଦ୍ୟ ଓ ପାନୀୟ ଜଳ ଯୋଗାଇବା ବ୍ୟବସ୍ଥା କରାଯାଏ ।

(iii) ଲୋକମାନଙ୍କୁ ପୁନର୍ବାସ ଦେବା ପାଇଁ ଅର୍ଥ ସାହାଯ୍ୟ କରାଯାଏ ।

(iv) ବିପର୍ଯ୍ୟୟ ପରେ ପୁନର୍ନିର୍ମାଣ କାର୍ଯ୍ୟରେ ସହାୟତା ଦିଆଯାଏ ।

୧୨. (A) (i) ଦେଶୀୟାଣୀ ବିକାଶ ପାଇଁ ଓଡ଼ିଶା ସରକାର ୧୯୪୯-୫୦ ଆର୍ଥିକ ବର୍ଷରେ ୨୦ ଲକ୍ଷ ଟଙ୍କା ବ୍ୟୟ କରିଥିଲେ ।

(ii) ସେହି ସମୟରେ ସରକାରୀ ସ୍ତରରେ ହସ୍ତତନ୍ତ ଓ ଖଦି ଶିଳ୍ପ ପ୍ରତିଷ୍ଠା ପାଇଁ ପଦକ୍ଷେପ ନିଆଯାଇଥିଲା ।

(iii) ସରକାରଙ୍କ ସହାୟତାରେ ଦେଶୀୟ ଶିଳ୍ପ ପ୍ରତିଷ୍ଠାନ ଗଠନ କରାଯାଇଥିଲା ।

କିମ୍ବା, (i) ଶିକ୍ଷା ବିଷୟରେ ଡ. ଡି.ଏସ୍. କୋଠାରୀଙ୍କ ଅଧ୍ୟକ୍ଷତାରେ ୧୯୬୪ ମସିହାରେ ଶିକ୍ଷା କମିଶନ ଗଠନ କରାଯାଇଥିଲା ।

(ii) ଏହି କମିଶନ ୧୦+୨+୩ ଶିକ୍ଷା ବ୍ୟବସ୍ଥା ପ୍ରଚଳନ ପାଇଁ ସୁପାରିଶ କରିଥିଲେ ।

(B) (i) ୧୯୩୮ ମସିହାରେ ଓଡ଼ିଶା ସରକାର ତଦନ୍ତ କମିଟି ପୁନର୍ଗଠିତ ହୋଇଥିଲା ।

(ii) ହରେକୃଷ୍ଣ ମହତାବ ଏହାର ଅଧ୍ୟକ୍ଷ ଏବଂ ସାରଙ୍ଗଧର ଦାସ ଏହାର ସମ୍ପାଦକ ଥିଲେ ।

(iii) ଏହି କମିଟି ଦେଶୀୟ ରାଜ୍ୟର ପ୍ରଜାମାନଙ୍କ ଉପରେ ହେଉଥିବା ଅତ୍ୟାଚାର ସମ୍ପର୍କରେ ତଦନ୍ତ କରିଥିଲେ ।

କିମ୍ବା, (i) ଲର୍ଡ଼ କର୍ଜନ ୧୯୦୦ ମସିହାରେ ଓଡ଼ିଶା ଆସିଥିଲେ ।

(ii) କର୍ଜନଙ୍କ ଗସ୍ତ ଫଳରେ ଓଡ଼ିଆ ଭାଷାଭାଷୀ ଅଞ୍ଚଳମାନଙ୍କୁ ଏକତ୍ରୀକରଣ ପାଇଁ ପ୍ରସ୍ତାବ ଆଗତ ହେଲା ।

(C) (i) ସମ୍ବିଧାନ ପ୍ରସ୍ତାବନା ସଭା ୧୯୪୬ ମସିହାରେ କ୍ୟାବିନେଟ ମିଶନ ଯୋଜନା ଅନୁଯାୟୀ ଗଠିତ ହୋଇଥିଲା ।

(ii) ଏହି ସଭା ୨ ବର୍ଷ ୧୧ ମାସ ୧୮ ଦିନ କାର୍ଯ୍ୟ କରିଥିଲା ।

(iii) ଏଥିରେ ଡଃ ଭୀମରାଓ ଆମ୍ବେଦକର ମୁଖ୍ୟ ଭୂମିକା ଗ୍ରହଣ କରିଥିଲେ ।

କିମ୍ବା, (i) ପ୍ରାଚୀନ ଗ୍ରୀସ୍ ଦେଶର ନଗର ରାଜ୍ୟର ଆକାର କ୍ଷୁଦ୍ର ଓ ଲୋକସଂଖ୍ୟା ସୀମିତ ଥିବାରୁ ଲୋକମାନେ ଗୋଟିଏ ସ୍ଥାନରେ ସମବେତ ହୋଇ ଶାସନ କ୍ଷେତ୍ରରେ ଅଂଶଗ୍ରହଣ କରିପାରୁଥିଲେ ।

(ii) ତେଣୁ ସେଠାରେ ପ୍ରତ୍ୟକ୍ଷ ଗଣତନ୍ତ୍ର ଶାସନ ପ୍ରଚଳିତ ହୋଇଥିଲା ।

(iii) ମାତ୍ର ଭାରତର ଜନସଂଖ୍ୟାର ଆୟତନ ଓ ବିସ୍ତୃତି ଯୋଗୁଁ ଭାରତରେ ଏହା ସମ୍ଭବପର ନୁହେଁ ।

୧୩. (A) (i) ମହାକାଶକୁ ପ୍ରେରଣ କରାଯାଇଥିବା ଭାରତରେ ପ୍ରସ୍ତୁତ ପ୍ରଥମ କୃତ୍ରିମ ଉପଗ୍ରହର ନାମ ଆର୍ଯ୍ୟଭଟ୍ଟ ।

(ii) କୃତ୍ରିମ ଉପଗ୍ରହଗୁଡ଼ିକ ମୁଖ୍ୟତଃ ଯୋଗାଯୋଗ ଓ ପାଣିପାଗର ପୂର୍ବାନୁମାନ କ୍ଷେତ୍ରରେ ଉପଯୋଗୀ ହୋଇଛନ୍ତି ।

କିମ୍ବା, (i) ଉଚ୍ଚମାଧ୍ୟମିକ ଶିକ୍ଷାକୁ ସାର୍ବଜନୀନ କରିବା ଲକ୍ଷ୍ୟରେ ଏହି ରାଷ୍ଟ୍ରୀୟ ମାଧ୍ୟମିକ ଶିକ୍ଷା ଅଭିଯାନ ପ୍ରଚଳିତ ହୋଇଛି ।

(ii) ଏହା ୨୦୦୯ ମସିହାରୁ ଆରମ୍ଭ ହୋଇଥିଲା ।

(B) (i) ଓଡ଼ିଶାର ପ୍ରଥମ ରେଳପଥ ୧୮୯୬ ମସିହାରେ ଆରମ୍ଭ ହୋଇଥିଲା ।

(ii) ୧୯୯୬ ମସିହା ଅକ୍ଟୋବର ୩୧ ତାରିଖ ଦିନ ଏହାର ଉଦ୍ଘାଟନ କରାଯାଇଥିଲା ।

କିମ୍ବା, (i) ଓଡ଼ିଶା ମଧ୍ୟରେ ଅଧିକ ଲୋକଙ୍କ ସହଭାଗିତା ଓ ଅନୁସୂଚିତ ଜାତି ଓ ଜନଜାତିଙ୍କ ଅଧିକାର ସୁରକ୍ଷା ପାଇଁ ଏହି ଅନୁଷ୍ଠାନ ଗଠିତ ହୋଇଥିଲା ।

(ii) ୧୯୪୮ ମସିହାରେ ଏହି ଅନୁଷ୍ଠାନ ପ୍ରଥମେ ଦେଖା ଦେଇଥିଲା ।

(C) (i) ପର୍ତ୍ତୁଗୀଜମାନେ ୧୫୧୦ ଖ୍ରୀଷ୍ଟାବ୍ଦରେ ଗୋଆ ଅଧିକାର କରିଥିଲେ ।

(ii) ବିଜାପୁରର ସୁଲତାନଙ୍କ ସହାୟତାରେ ସେମାନେ ଗୋଆ ଅଧିକାର କରିଥିଲେ ।

କିମ୍ବା, (i) ଫରାସୀ ଶାସନାଧୀନ ଅଞ୍ଚଳଗୁଡ଼ିକ ପୁଡୁଚେରୀ, କାରାଇକାଲ ଓ ମାହେ ଭାରତର ଦକ୍ଷିଣ ଉପକୂଳରେ ଅବସ୍ଥିତ ଥିଲା ।

(ii) ଚନ୍ଦନନଗର ପଶ୍ଚିମବଙ୍ଗରେ ଅବସ୍ଥିତ ଥିଲା ।

(D) (i) କୌଣସି ନିର୍ବାଚିତ ସଦସ୍ୟଙ୍କ ମୃତ୍ୟୁ ବା ଇସ୍ତଫା ଯୋଗୁଁ ସ୍ଥାନ ଶୂନ୍ୟ ହେଲେ ଉପନିର୍ବାଚନ କରାଯାଏ ।

(ii) ନିର୍ବାଚନ କମିଶନ ଉପନିର୍ବାଚନ ପାଇଁ ତାରିଖ ଘୋଷଣା କରିଥାନ୍ତି ।

କିମ୍ବା, (i) ତାଳଚେରରେ ପ୍ରଜା ଆନ୍ଦୋଳନ ୧୯୩୮ ମସିହାରେ ଆରମ୍ଭ ହୋଇଥିଲା ।

(ii) ସେଠାରେ ସେମାନେ ପ୍ରଜାମାନଙ୍କ ଅଧିକାର ପାଇଁ ଦାବି କରିଥିଲେ ।

୧୪. (A) (i) ଆଲୁମିନିୟମ୍ ଶିଳ୍ପ ଭାରତର ଦ୍ୱିତୀୟ ଗୁରୁତ୍ୱପୂର୍ଣ୍ଣ ଧାତୁ ଶିଳ୍ପ । ବକ୍ସାଇଟରୁ ଆଲୁମିନିୟମ୍ ପ୍ରସ୍ତୁତ କରାଯାଏ ।

(ii) ଏହା ହାଲୁକା, ମଜବୁତ ଓ ବିଦ୍ୟୁତ୍ ସୁପରିବାହୀ ଧାତୁ ହୋଇଥିବାରୁ ଉଡ଼ାଜାହାଜ, ଯାନବାହନ ଓ ବାସନ ନିର୍ମାଣରେ ଏହାର ବ୍ୟବହାର ହୁଏ ।

(iii) ଭାରତରେ ଓଡ଼ିଶା, ଝାଡ଼ଖଣ୍ଡ, ଛତିଶଗଡ଼, ମହାରାଷ୍ଟ୍ର ଓ ତାମିଲନାଡ଼ୁରେ ଆଲୁମିନିୟମ୍ କାରଖାନା ରହିଛି ।

(iv) ଓଡ଼ିଶାର ଦାମନଯୋଡ଼ିଠାରେ ନାଲକୋ କାରଖାନା ଏସିଆର ସର୍ବବୃହତ ଆଲୁମିନିୟମ୍ କାରଖାନା ।

କିମ୍ବା, (i) ସରକାର ମୁକ୍ତିକାଳୀନ ଗୋଷ୍ଠୀ ପାଇଁ ଅନେକ ପଦକ୍ଷେପ ଗ୍ରହଣ କରିଛନ୍ତି ।

(ii) ପ୍ରଧାନମନ୍ତ୍ରୀ ରୋଜଗାର ଯୋଜନା, ସ୍ୱର୍ଣ୍ଣଜୟନ୍ତୀ ଗ୍ରାମ ସ୍ୱରୋଜଗାର ଯୋଜନା ଆଦି ପ୍ରଚଳିତ ହୋଇଛି ।

(iii) ଗ୍ରାମାଞ୍ଚଳରେ ଜବାହର ରୋଜଗାର ଯୋଜନା ଆରମ୍ଭ କରାଯାଇଥିଲା ।

(B) (i) ଭୂମି ଏକ ଗୁରୁତ୍ୱପୂର୍ଣ୍ଣ ସମ୍ବଳ । ଭୂମି ଓ ଖାଦ୍ୟାନ୍ନ ମୂଲ୍ୟ ଲାଭଦାୟକ ହେବା ପାଇଁ କୃଷି ଉତ୍ପାଦନ ବୃଦ୍ଧି କରିବା ଆବଶ୍ୟକ ।

(ii) ଏହା ଜଳସେଚନ ସୁବିଧା, ଉନ୍ନତ ବିହନ ଓ ସାର ବ୍ୟବହାର ଦ୍ୱାରା ସମ୍ଭବ ହୋଇପାରିବ ।

କିମ୍ବା, ଖଣିଜ ସମ୍ପଦ, ଶିଳ୍ପ, ବାଣିଜ୍ୟ, ବିଦ୍ୟୁତ୍ ଉତ୍ପାଦନ ଆଦି କ୍ଷେତ୍ରରେ ବ୍ୟବହାର ହୁଏ ।

୧୫. (A) (i) ଅଧିକ ଜନସଂଖ୍ୟା ଓ ଜଙ୍ଗଲ କଟାଯିବା ଭାରତର ପ୍ରଧାନ କାରଣ ।

(ii) ଏହା ମୃତ୍ତିକା କ୍ଷୟ ଓ ପରିବେଶ ପ୍ରଦୂଷଣର କାରଣ ହୋଇଥାଏ ।

କିମ୍ବା, କର୍ଣ୍ଣାଟକର ବେଙ୍ଗାଲୁରୁ ଭାରତର ସିଲିକନ ଭ୍ୟାଲି ଭାବେ ସୁପରିଚିତ ।

(B) ମନୁଷ୍ୟ ଲିଖିତ ଧାତବ ରାଶି ପ୍ରସଙ୍ଗରେ ଉତ୍ତର ।

(C) (i) ୧୯୯୧ ମସିହାରେ ଭାରତରେ ନୂତନ ଆର୍ଥିକ ନୀତି ପ୍ରଣୟନ କରାଯାଇଥିଲା ।

(ii) ଉଦାରୀକରଣ, ଘରୋଇକରଣ ଓ ବିଶ୍ୱାୟନ ଏହି ନୀତିର ମୁଖ୍ୟ ଅଙ୍ଗ ।

(iii) ଏହାଦ୍ୱାରା ବିଦେଶୀ ପୁଞ୍ଜି ନିବେଶ ବୃଦ୍ଧି ପାଇଲା ଓ ଶିଳ୍ପ କ୍ଷେତ୍ରରେ ପ୍ରତିଯୋଗିତା ବଢ଼ିଲା ।

୧୬. (A) (i) ଜାତୀୟ ଯୋଜନା ଓ ଜନବିତ୍ତ କାର୍ଯ୍ୟ ମଧ୍ୟରେ ପାର୍ଥକ୍ୟ ।

(ii) କଂଗ୍ରେସ ଏକ ଜାତୀୟ ଦଳ । ଏହା ୧୮୮୫ ମସିହାରେ ପ୍ରତିଷ୍ଠିତ ହୋଇଥିଲା ।

(iii) ୧୯୭୭ ମସିହାରେ ଜନତା ଦଳ ଗଠିତ ହୋଇଥିଲା ।

(B) (i) ଜଳସମ୍ପଦ ଆମର ଅମୂଲ୍ୟ ସମ୍ବଳ । ବିଶ୍ୱ ସଂରକ୍ଷଣ ସଂସ୍ଥା ଏହାକୁ ସୁରକ୍ଷା କରିବା ପାଇଁ ପଦକ୍ଷେପ ନେଉଛି ।

(ii) ୧୯୬୫ ମସିହାରେ ଏହି ପ୍ରକଳ୍ପ ଆରମ୍ଭ ହୋଇଥିଲା ।

(iii) ୩୦୦୦ ରୁ ଅଧିକ ପ୍ରଜାତି ଏହି ଅଞ୍ଚଳରେ ଦେଖାଯାଏ ।

(C) (i) କୋରାଲଦ୍ୱୀପ ସମୁଦ୍ରରେ ପ୍ରବାଳ କୀଟମାନଙ୍କ ଦ୍ୱାରା ଗଠିତ ହୋଇଥାଏ ।

(ii) ଏହା ଉଷ୍ଣ ସମୁଦ୍ରରେ ଦେଖାଯାଏ ।

(D) (i) ନିଶ୍ଚୟୀକୃତ ଦ୍ରବ୍ୟ ଓ ଦୋହରା ଦ୍ରବ୍ୟ ମଧ୍ୟରେ ପାର୍ଥକ୍ୟ ।

କିମ୍ବା, ମୋଟ ଜାତୀୟ ଆୟକୁ ଦେଶର ଜନସଂଖ୍ୟା ଦ୍ୱାରା ଭାଗ କଲେ ମୁଣ୍ଡପିଛା ଆୟ ମିଳିଥାଏ ।

ଅବଶିଷ୍ଟାଂଶ ପରବର୍ତ୍ତୀ ପୃଷ୍ଠାରେ....
5
